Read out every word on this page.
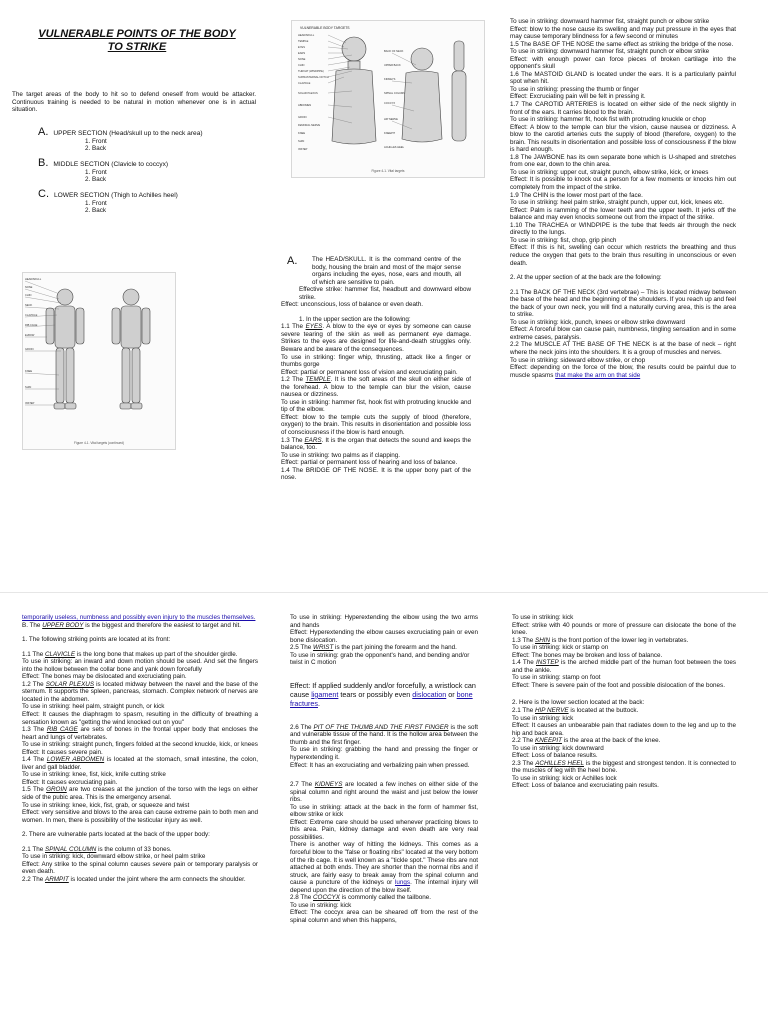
VULNERABLE POINTS OF THE BODY TO STRIKE

The target areas of the body to hit so to defend oneself from would be attacker. Continuous training is needed to be natural in motion whenever one is in actual situation.

A. UPPER SECTION (Head/skull up to the neck area)
1. Front
2. Back
B. MIDDLE SECTION (Clavicle to coccyx)
1. Front
2. Back
C. LOWER SECTION (Thigh to Achilles heel)
1. Front
2. Back
HEAD/SKULL
NOSE
CHIN
NECK
CLAVICLE
RIB CAGE
ELBOW
GROIN
KNEE
SHIN
INSTEP
Figure 4-1. Vital targets (continued)
VULNERABLE BODY TARGETS
HEAD/SKULL
TEMPLE
EYES
EARS
NOSE
CHIN
THROAT (WINDPIPE)
SUPRASTERNAL NOTCH
CLAVICLE
SOLAR PLEXUS
ABDOMEN
GROIN
FEMORAL NERVE
KNEE
SHIN
INSTEP
BACK OF NECK
UPPER BACK
KIDNEYS
SPINAL COLUMN
COCCYX
HIP NERVE
KNEEPIT
ACHILLES HEEL
Figure 4-1. Vital targets
A.	The HEAD/SKULL. It is the command centre of the body, housing the brain and most of the major sense organs including the eyes, nose, ears and mouth, all of which are sensitive to pain.

Effective strike: hammer fist, headbutt and downward elbow strike.

Effect: unconscious, loss of balance or even death.

1. In the upper section are the following:

1.1 The EYES. A blow to the eye or eyes by someone can cause severe tearing of the skin as well as permanent eye damage. Strikes to the eyes are designed for life-and-death struggles only. Beware and be aware of the consequences.

To use in striking: finger whip, thrusting, attack like a finger or thumbs gorge

Effect: partial or permanent loss of vision and excruciating pain.

1.2 The TEMPLE. It is the soft areas of the skull on either side of the forehead. A blow to the temple can blur the vision, cause nausea or dizziness.

To use in striking: hammer fist, hook fist with protruding knuckle and tip of the elbow.

Effect: blow to the temple cuts the supply of blood (therefore, oxygen) to the brain. This results in disorientation and possible loss of consciousness if the blow is hard enough.

1.3 The EARS. It is the organ that detects the sound and keeps the balance, too.

To use in striking: two palms as if clapping.

Effect: partial or permanent loss of hearing and loss of balance.

1.4 The BRIDGE OF THE NOSE. It is the upper bony part of the nose.

To use in striking: downward hammer fist, straight punch or elbow strike

Effect: blow to the nose cause its swelling and may put pressure in the eyes that may cause temporary blindness for a few second or minutes

1.5 The BASE OF THE NOSE the same effect as striking the bridge of the nose.

To use in striking: downward hammer fist, straight punch or elbow strike

Effect: with enough power can force pieces of broken cartilage into the opponent's skull

1.6 The MASTOID GLAND is located under the ears. It is a particularly painful spot when hit.

To use in striking: pressing the thumb or finger

Effect: Excruciating pain will be felt in pressing it.

1.7 The CAROTID ARTERIES is located on either side of the neck slightly in front of the ears. It carries blood to the brain.

To use in striking: hammer fit, hook fist with protruding knuckle or chop

Effect: A blow to the temple can blur the vision, cause nausea or dizziness. A blow to the carotid arteries cuts the supply of blood (therefore, oxygen) to the brain. This results in disorientation and possible loss of consciousness if the blow is hard enough.

1.8 The JAWBONE has its own separate bone which is U-shaped and stretches from one ear, down to the chin area.

To use in striking: upper cut, straight punch, elbow strike, kick, or knees

Effect: It is possible to knock out a person for a few moments or knocks him out completely from the impact of the strike.

1.9 The CHIN is the lower most part of the face.

To use in striking: heel palm strike, straight punch, upper cut, kick, knees etc.

Effect: Palm is ramming of the lower teeth and the upper teeth. It jerks off the balance and may even knocks someone out from the impact of the strike.

1.10 The TRACHEA or WINDPIPE is the tube that feeds air through the neck directly to the lungs.

To use in striking: fist, chop, grip pinch

Effect: If this is hit, swelling can occur which restricts the breathing and thus reduce the oxygen that gets to the brain thus resulting in unconscious or even death.

2. At the upper section of at the back are the following:

2.1 The BACK OF THE NECK (3rd vertebrae) – This is located midway between the base of the head and the beginning of the shoulders. If you reach up and feel the back of your own neck, you will find a naturally curving area, this is the area to strike.

To use in striking: kick, punch, knees or elbow strike downward

Effect: A forceful blow can cause pain, numbness, tingling sensation and in some extreme cases, paralysis.

2.2 The MUSCLE AT THE BASE OF THE NECK is at the base of neck – right where the neck joins into the shoulders. It is a group of muscles and nerves.

To use in striking: sideward elbow strike, or chop

Effect: depending on the force of the blow, the results could be painful due to muscle spasms that make the arm on that side

temporarily useless, numbness and possibly even injury to the muscles themselves.

B. The UPPER BODY is the biggest and therefore the easiest to target and hit.

1. The following striking points are located at its front:

1.1 The CLAVICLE is the long bone that makes up part of the shoulder girdle.

To use in striking: an inward and down motion should be used. And set the fingers into the hollow between the collar bone and yank down forcefully

Effect: The bones may be dislocated and excruciating pain.

1.2 The SOLAR PLEXUS is located midway between the navel and the base of the sternum. It supports the spleen, pancreas, stomach. Complex network of nerves are located in the abdomen.

To use in striking: heel palm, straight punch, or kick

Effect: It causes the diaphragm to spasm, resulting in the difficulty of breathing a sensation known as "getting the wind knocked out on you"

1.3 The RIB CAGE are sets of bones in the frontal upper body that encloses the heart and lungs of vertebrates.

To use in striking: straight punch, fingers folded at the second knuckle, kick, or knees

Effect: It causes severe pain.

1.4 The LOWER ABDOMEN is located at the stomach, small intestine, the colon, liver and gall bladder.

To use in striking: knee, fist, kick, knife cutting strike

Effect: It causes excruciating pain.

1.5 The GROIN are two creases at the junction of the torso with the legs on either side of the pubic area. This is the emergency arsenal.

To use in striking: knee, kick, fist, grab, or squeeze and twist

Effect: very sensitive and blows to the area can cause extreme pain to both men and women. In men, there is possibility of the testicular injury as well.

2. There are vulnerable parts located at the back of the upper body:

2.1 The SPINAL COLUMN is the column of 33 bones.

To use in striking: kick, downward elbow strike, or heel palm strike

Effect: Any strike to the spinal column causes severe pain or temporary paralysis or even death.

2.2 The ARMPIT is located under the joint where the arm connects the shoulder.

To use in striking: Hyperextending the elbow using the two arms and hands

Effect: Hyperextending the elbow causes excruciating pain or even bone dislocation.

2.5 The WRIST is the part joining the forearm and the hand.

To use in striking: grab the opponent's hand, and bending and/or twist in C motion

Effect: If applied suddenly and/or forcefully, a wristlock can cause ligament tears or possibly even dislocation or bone fractures.

2.6 The PIT OF THE THUMB AND THE FIRST FINGER is the soft and vulnerable tissue of the hand. It is the hollow area between the thumb and the first finger.

To use in striking: grabbing the hand and pressing the finger or hyperextending it.

Effect: It has an excruciating and verbalizing pain when pressed.

2.7 The KIDNEYS are located a few inches on either side of the spinal column and right around the waist and just below the lower ribs.

To use in striking: attack at the back in the form of hammer fist, elbow strike or kick

Effect: Extreme care should be used whenever practicing blows to this area. Pain, kidney damage and even death are very real possibilities.

There is another way of hitting the kidneys. This comes as a forceful blow to the "false or floating ribs" located at the very bottom of the rib cage. It is well known as a "tickle spot." These ribs are not attached at both ends. They are shorter than the normal ribs and if struck, are fairly easy to break away from the spinal column and cause a puncture of the kidneys or lungs. The internal injury will depend upon the direction of the blow itself.

2.8 The COCCYX is commonly called the tailbone.

To use in striking: kick

Effect: The coccyx area can be sheared off from the rest of the spinal column and when this happens,

To use in striking: kick

Effect: strike with 40 pounds or more of pressure can dislocate the bone of the knee.

1.3 The SHIN is the front portion of the lower leg in vertebrates.

To use in striking: kick or stamp on

Effect: The bones may be broken and loss of balance.

1.4 The INSTEP is the arched middle part of the human foot between the toes and the ankle.

To use in striking: stamp on foot

Effect: There is severe pain of the foot and possible dislocation of the bones.

2. Here is the lower section located at the back:

2.1 The HIP NERVE is located at the buttock.

To use in striking: kick

Effect: It causes an unbearable pain that radiates down to the leg and up to the hip and back area.

2.2 The KNEEPIT is the area at the back of the knee.

To use in striking: kick downward

Effect: Loss of balance results.

2.3 The ACHILLES HEEL is the biggest and strongest tendon. It is connected to the muscles of leg with the heel bone.

To use in striking: kick or Achilles lock

Effect: Loss of balance and excruciating pain results.
